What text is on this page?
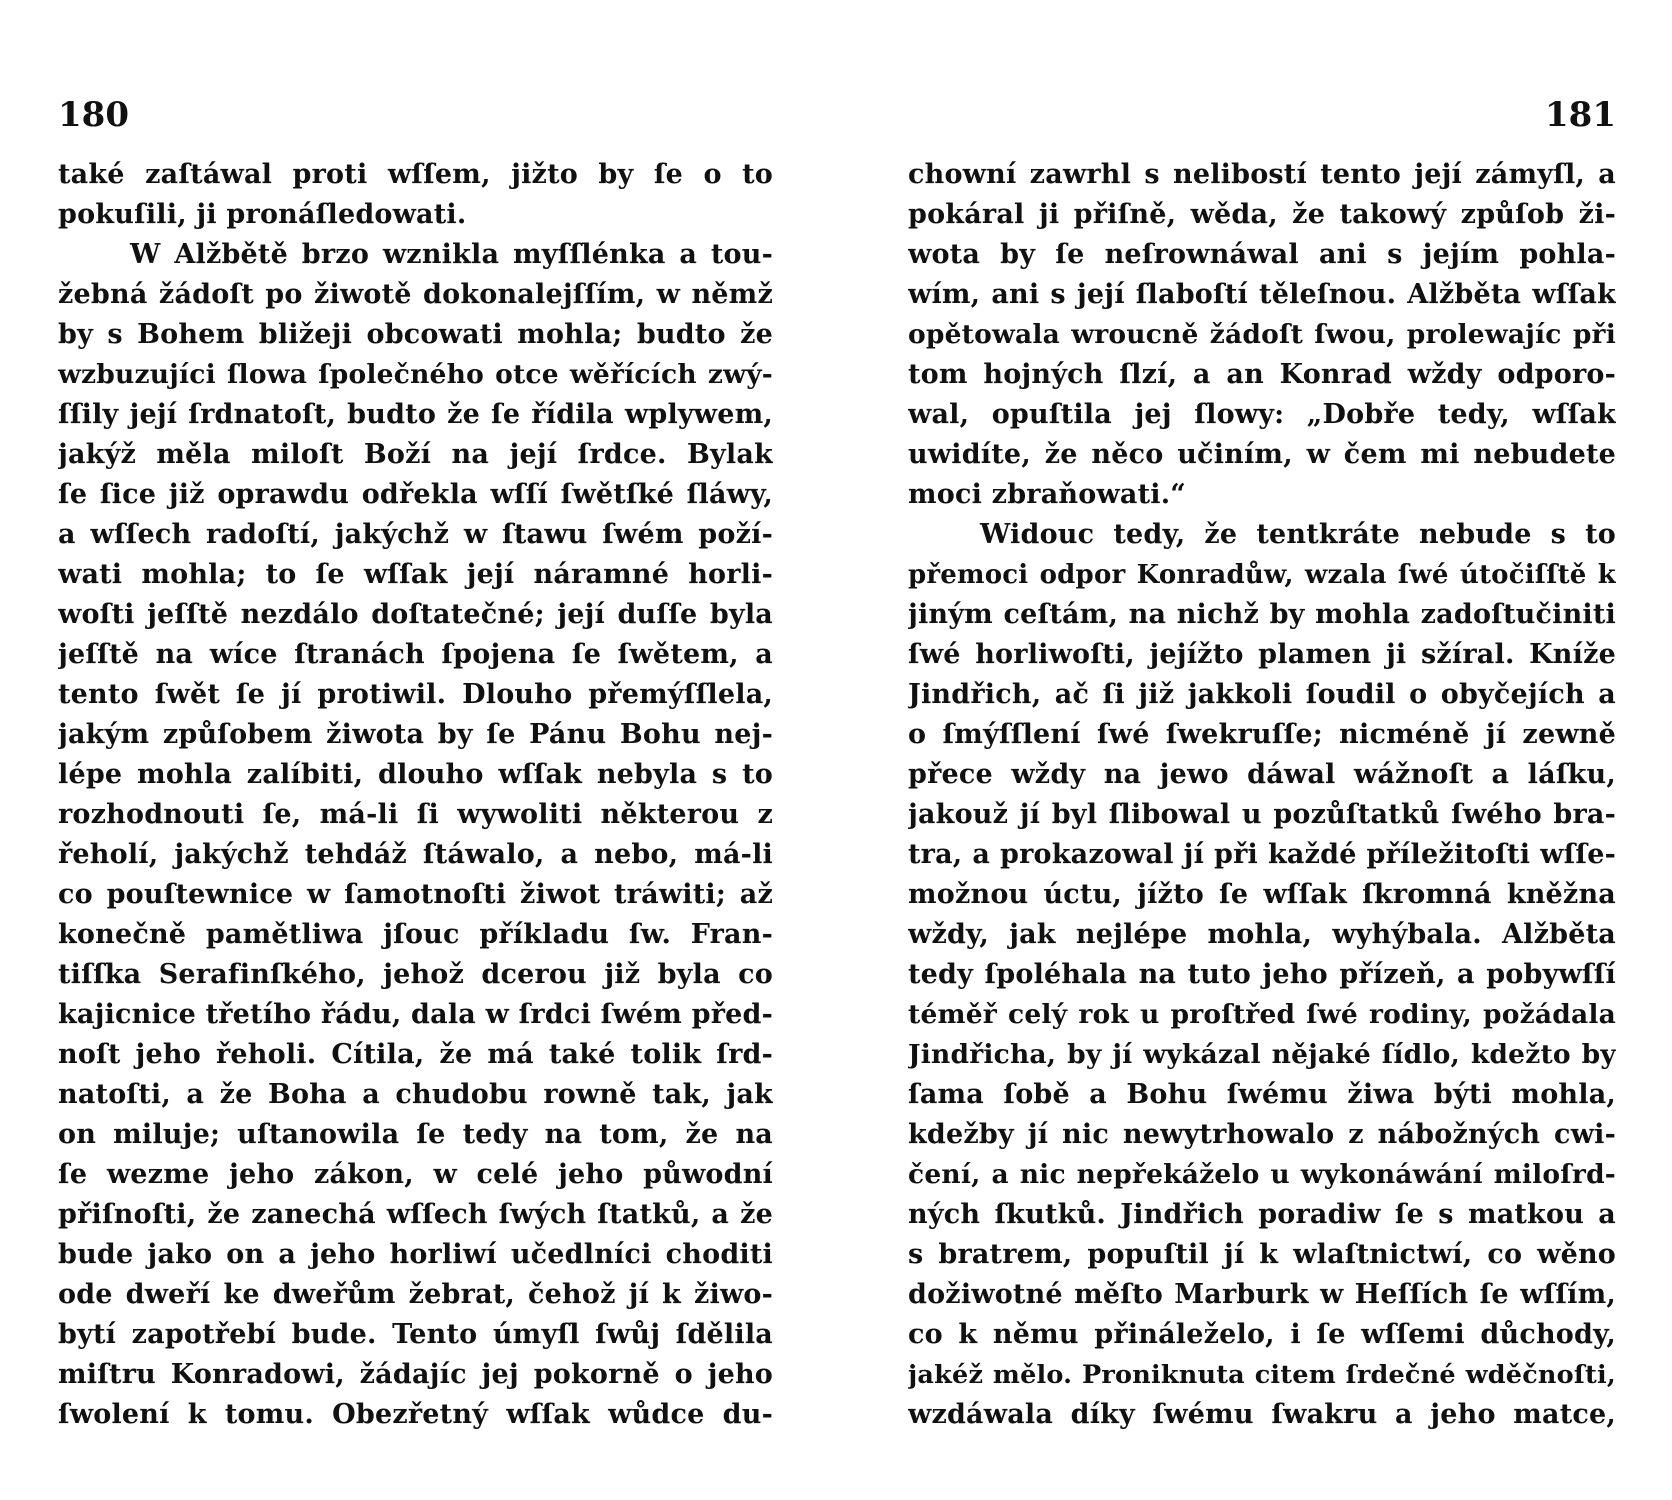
180
také zaſtáwal proti wſſem, jižto by ſe o to
pokuſili, ji pronáſledowati.
W Alžbětě brzo wznikla myſſlénka a tou-
žebná žádoſt po žiwotě dokonalejſſím, w němž
by s Bohem bližeji obcowati mohla; budto že
wzbuzujíci ſlowa ſpolečného otce wěřících zwý-
ſſily její ſrdnatoſt, budto že ſe řídila wplywem,
jakýž měla miloſt Boží na její ſrdce. Bylak
ſe ſice již oprawdu odřekla wſſí ſwětſké ſláwy,
a wſſech radoſtí, jakýchž w ſtawu ſwém poží-
wati mohla; to ſe wſſak její náramné horli-
woſti jeſſtě nezdálo doſtatečné; její duſſe byla
jeſſtě na wíce ſtranách ſpojena ſe ſwětem, a
tento ſwět ſe jí protiwil. Dlouho přemýſſlela,
jakým způſobem žiwota by ſe Pánu Bohu nej-
lépe mohla zalíbiti, dlouho wſſak nebyla s to
rozhodnouti ſe, má-li ſi wywoliti některou z
řeholí, jakýchž tehdáž ſtáwalo, a nebo, má-li
co pouſtewnice w ſamotnoſti žiwot tráwiti; až
konečně pamětliwa jſouc příkladu ſw. Fran-
tiſſka Serafinſkého, jehož dcerou již byla co
kajicnice třetího řádu, dala w ſrdci ſwém před-
noſt jeho řeholi. Cítila, že má také tolik ſrd-
natoſti, a že Boha a chudobu rowně tak, jak
on miluje; uſtanowila ſe tedy na tom, že na
ſe wezme jeho zákon, w celé jeho půwodní
přiſnoſti, že zanechá wſſech ſwých ſtatků, a že
bude jako on a jeho horliwí učedlníci choditi
ode dweří ke dweřům žebrat, čehož jí k žiwo-
bytí zapotřebí bude. Tento úmyſl ſwůj ſdělila
miſtru Konradowi, žádajíc jej pokorně o jeho
ſwolení k tomu. Obezřetný wſſak wůdce du-
181
chowní zawrhl s nelibostí tento její zámyſl, a
pokáral ji přiſně, wěda, že takowý způſob ži-
wota by ſe neſrownáwal ani s jejím pohla-
wím, ani s její ſlaboſtí těleſnou. Alžběta wſſak
opětowala wroucně žádoſt ſwou, prolewajíc při
tom hojných ſlzí, a an Konrad wždy odporo-
wal, opuſtila jej ſlowy: „Dobře tedy, wſſak
uwidíte, že něco učiním, w čem mi nebudete
moci zbraňowati.“
Widouc tedy, že tentkráte nebude s to
přemoci odpor Konradůw, wzala ſwé útočiſſtě k
jiným ceſtám, na nichž by mohla zadoſtučiniti
ſwé horliwoſti, jejížto plamen ji sžíral. Kníže
Jindřich, ač ſi již jakkoli ſoudil o obyčejích a
o ſmýſſlení ſwé ſwekruſſe; nicméně jí zewně
přece wždy na jewo dáwal wážnoſt a láſku,
jakouž jí byl ſlibowal u pozůſtatků ſwého bra-
tra, a prokazowal jí při každé příležitoſti wſſe-
možnou úctu, jížto ſe wſſak ſkromná kněžna
wždy, jak nejlépe mohla, wyhýbala. Alžběta
tedy ſpoléhala na tuto jeho přízeň, a pobywſſí
téměř celý rok u proſtřed ſwé rodiny, požádala
Jindřicha, by jí wykázal nějaké ſídlo, kdežto by
ſama ſobě a Bohu ſwému žiwa býti mohla,
kdežby jí nic newytrhowalo z nábožných cwi-
čení, a nic nepřekáželo u wykonáwání miloſrd-
ných ſkutků. Jindřich poradiw ſe s matkou a
s bratrem, popuſtil jí k wlaſtnictwí, co wěno
dožiwotné měſto Marburk w Heſſích ſe wſſím,
co k němu přináleželo, i ſe wſſemi důchody,
jakéž mělo. Proniknuta citem ſrdečné wděčnoſti,
wzdáwala díky ſwému ſwakru a jeho matce,
